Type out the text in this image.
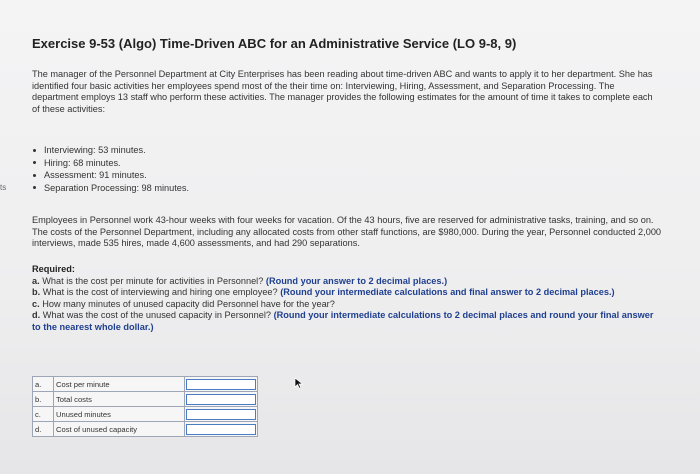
ts
Exercise 9-53 (Algo) Time-Driven ABC for an Administrative Service (LO 9-8, 9)

The manager of the Personnel Department at City Enterprises has been reading about time-driven ABC and wants to apply it to her department. She has identified four basic activities her employees spend most of the their time on: Interviewing, Hiring, Assessment, and Separation Processing. The department employs 13 staff who perform these activities. The manager provides the following estimates for the amount of time it takes to complete each of these activities:

Interviewing: 53 minutes.
Hiring: 68 minutes.
Assessment: 91 minutes.
Separation Processing: 98 minutes.

Employees in Personnel work 43-hour weeks with four weeks for vacation. Of the 43 hours, five are reserved for administrative tasks, training, and so on. The costs of the Personnel Department, including any allocated costs from other staff functions, are $980,000. During the year, Personnel conducted 2,000 interviews, made 535 hires, made 4,600 assessments, and had 290 separations.

Required:

a. What is the cost per minute for activities in Personnel? (Round your answer to 2 decimal places.)

b. What is the cost of interviewing and hiring one employee? (Round your intermediate calculations and final answer to 2 decimal places.)

c. How many minutes of unused capacity did Personnel have for the year?

d. What was the cost of the unused capacity in Personnel? (Round your intermediate calculations to 2 decimal places and round your final answer to the nearest whole dollar.)

a.	Cost per minute	
b.	Total costs	
c.	Unused minutes	
d.	Cost of unused capacity	
